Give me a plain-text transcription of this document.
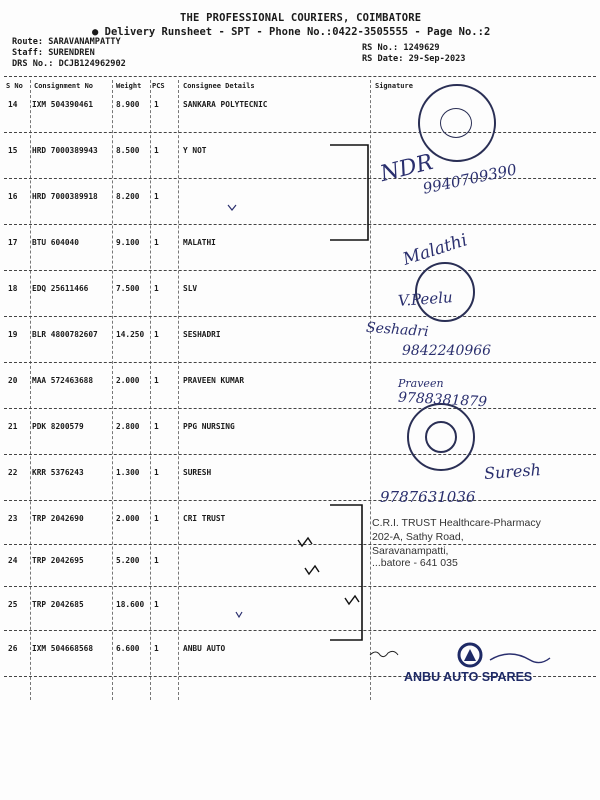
THE PROFESSIONAL COURIERS, COIMBATORE
● Delivery Runsheet - SPT - Phone No.:0422-3505555 - Page No.:2
Route: SARAVANAMPATTY
Staff: SURENDREN
DRS No.: DCJB124962902
RS No.: 1249629
RS Date: 29-Sep-2023
S No Consignment No	Weight PCS	Consignee Details	Signature
14 IXM 504390461	8.900 1	SANKARA POLYTECNIC
15 HRD 7000389943 8.500 1	Y NOT
16 HRD 7000389918 8.200 1
17 BTU 604040	9.100 1	MALATHI
18 EDQ 25611466	7.500 1	SLV
19 BLR 4800782607 14.250 1	SESHADRI
20 MAA 572463688	2.000 1	PRAVEEN KUMAR
21 PDK 8200579	2.800 1	PPG NURSING
22 KRR 5376243	1.300 1	SURESH
23 TRP 2042690	2.000 1	CRI TRUST
24 TRP 2042695	5.200 1
25 TRP 2042685	18.600 1
26 IXM 504668568	6.600 1	ANBU AUTO
NDR
9940709390
Malathi
V.Peelu
Seshadri
9842240966
Praveen
9788381879
Suresh
9787631036
C.R.I. TRUST Healthcare-Pharmacy
202-A, Sathy Road,
Saravanampatti,
...batore - 641 035
ANBU AUTO SPARES
